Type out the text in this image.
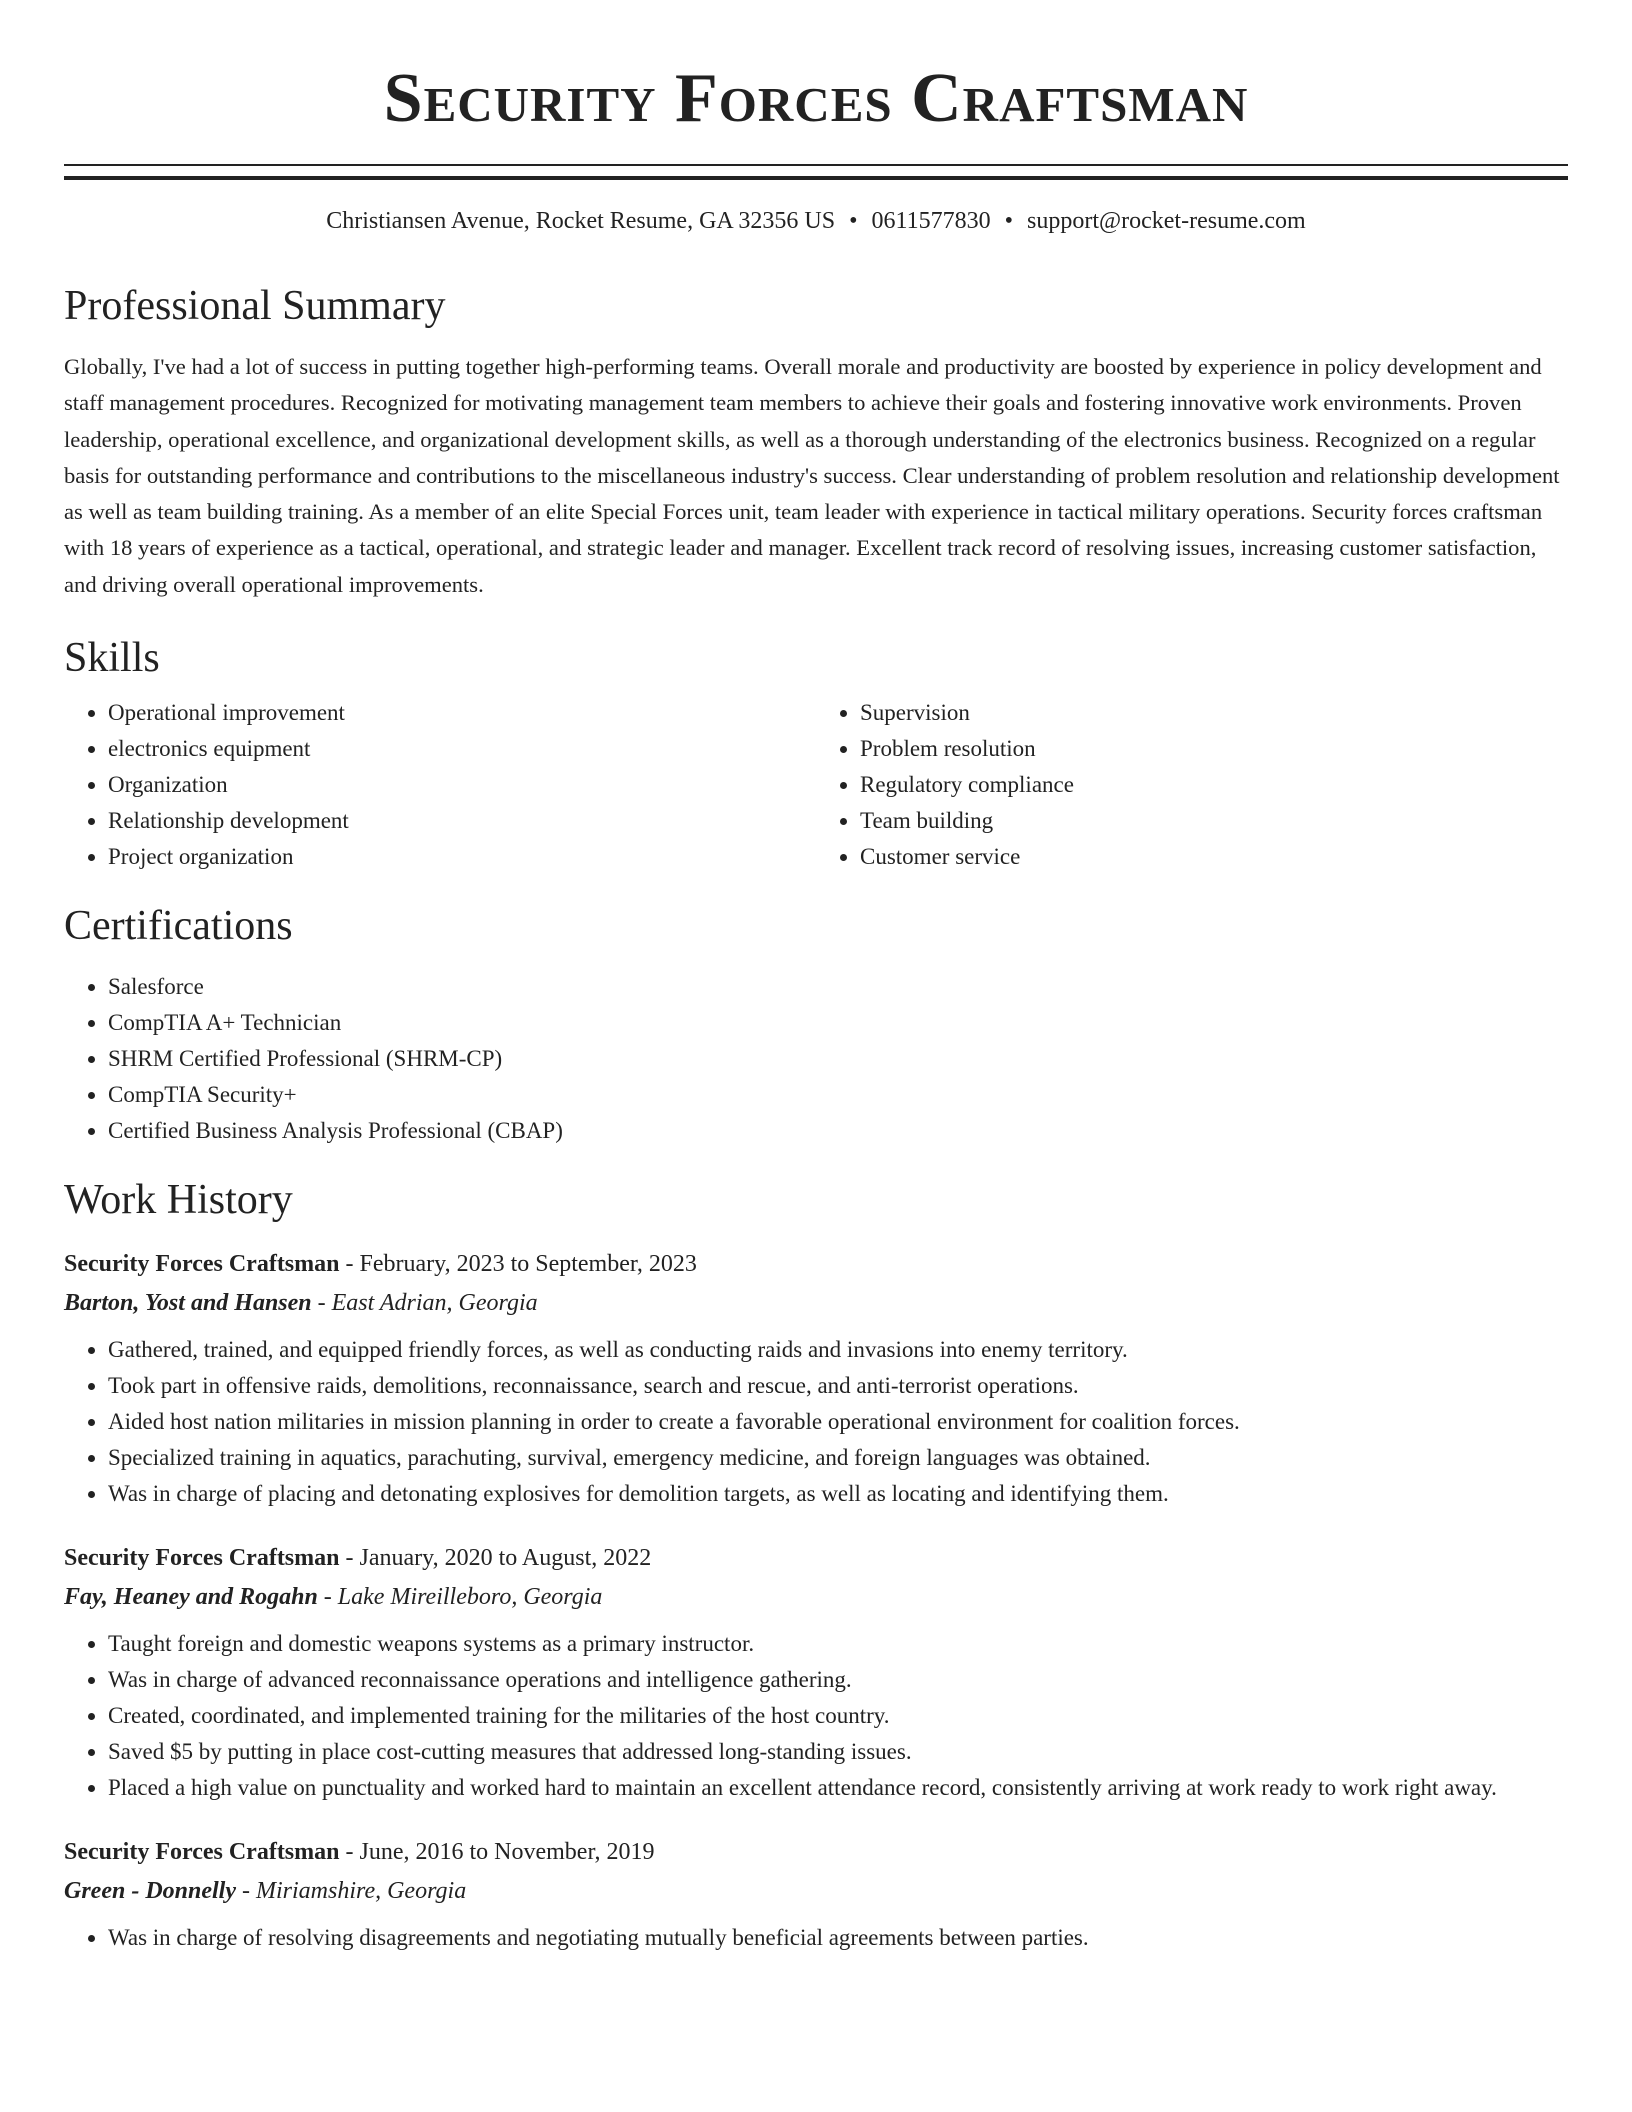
Security Forces Craftsman
Christiansen Avenue, Rocket Resume, GA 32356 US • 0611577830 • support@rocket-resume.com
Professional Summary

Globally, I've had a lot of success in putting together high-performing teams. Overall morale and productivity are boosted by experience in policy development and staff management procedures. Recognized for motivating management team members to achieve their goals and fostering innovative work environments. Proven leadership, operational excellence, and organizational development skills, as well as a thorough understanding of the electronics business. Recognized on a regular basis for outstanding performance and contributions to the miscellaneous industry's success. Clear understanding of problem resolution and relationship development as well as team building training. As a member of an elite Special Forces unit, team leader with experience in tactical military operations. Security forces craftsman with 18 years of experience as a tactical, operational, and strategic leader and manager. Excellent track record of resolving issues, increasing customer satisfaction, and driving overall operational improvements.

Skills
• Operational improvement
• electronics equipment
• Organization
• Relationship development
• Project organization
• Supervision
• Problem resolution
• Regulatory compliance
• Team building
• Customer service
Certifications
• Salesforce
• CompTIA A+ Technician
• SHRM Certified Professional (SHRM-CP)
• CompTIA Security+
• Certified Business Analysis Professional (CBAP)
Work History
Security Forces Craftsman - February, 2023 to September, 2023
Barton, Yost and Hansen - East Adrian, Georgia
• Gathered, trained, and equipped friendly forces, as well as conducting raids and invasions into enemy territory.
• Took part in offensive raids, demolitions, reconnaissance, search and rescue, and anti-terrorist operations.
• Aided host nation militaries in mission planning in order to create a favorable operational environment for coalition forces.
• Specialized training in aquatics, parachuting, survival, emergency medicine, and foreign languages was obtained.
• Was in charge of placing and detonating explosives for demolition targets, as well as locating and identifying them.
Security Forces Craftsman - January, 2020 to August, 2022
Fay, Heaney and Rogahn - Lake Mireilleboro, Georgia
• Taught foreign and domestic weapons systems as a primary instructor.
• Was in charge of advanced reconnaissance operations and intelligence gathering.
• Created, coordinated, and implemented training for the militaries of the host country.
• Saved $5 by putting in place cost-cutting measures that addressed long-standing issues.
• Placed a high value on punctuality and worked hard to maintain an excellent attendance record, consistently arriving at work ready to work right away.
Security Forces Craftsman - June, 2016 to November, 2019
Green - Donnelly - Miriamshire, Georgia
• Was in charge of resolving disagreements and negotiating mutually beneficial agreements between parties.
